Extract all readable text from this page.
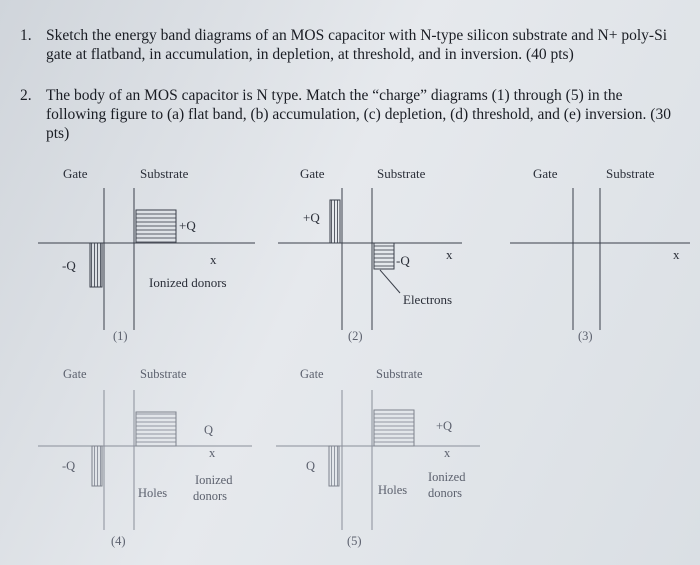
1. Sketch the energy band diagrams of an MOS capacitor with N-type silicon substrate and N+ poly-Si gate at flatband, in accumulation, in depletion, at threshold, and in inversion. (40 pts)
2. The body of an MOS capacitor is N type. Match the “charge” diagrams (1) through (5) in the following figure to (a) flat band, (b) accumulation, (c) depletion, (d) threshold, and (e) inversion. (30 pts)
Gate	Substrate
+Q
-Q	x
Ionized donors
(1)
Gate	Substrate
+Q
-Q	x
Electrons
(2)
Gate	Substrate
x
(3)
Gate	Substrate
Q
-Q
x
Holes
Ionized
donors
(4)
Gate	Substrate
+Q
Q
x
Holes
Ionized
donors
(5)
